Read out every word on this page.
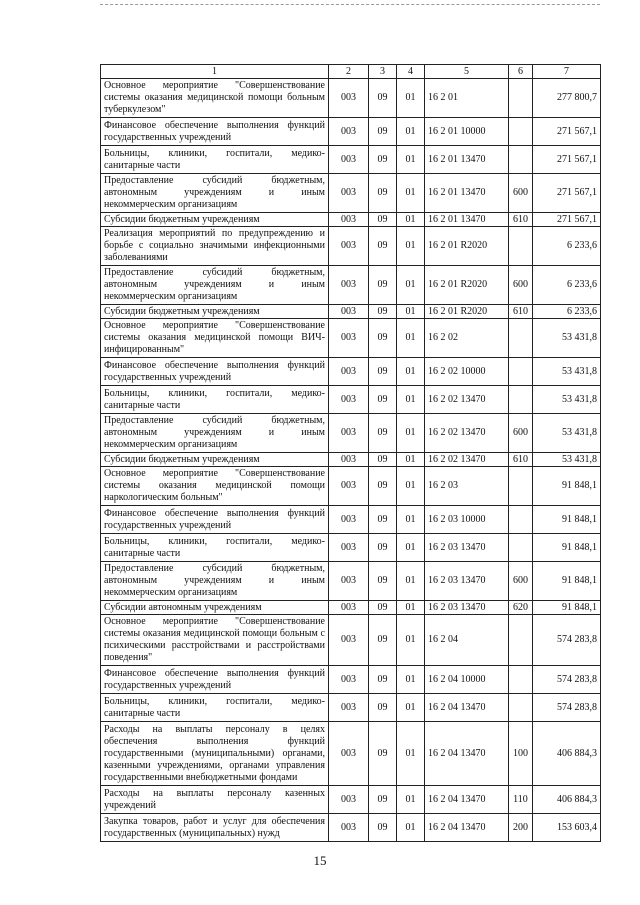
1	2	3	4	5	6	7
Основное мероприятие "Совершенствование системы оказания медицинской помощи больным туберкулезом"	003	09	01	16 2 01		277 800,7
Финансовое обеспечение выполнения функций государственных учреждений	003	09	01	16 2 01 10000		271 567,1
Больницы, клиники, госпитали, медико-санитарные части	003	09	01	16 2 01 13470		271 567,1
Предоставление субсидий бюджетным, автономным учреждениям и иным некоммерческим организациям	003	09	01	16 2 01 13470	600	271 567,1
Субсидии бюджетным учреждениям	003	09	01	16 2 01 13470	610	271 567,1
Реализация мероприятий по предупреждению и борьбе с социально значимыми инфекционными заболеваниями	003	09	01	16 2 01 R2020		6 233,6
Предоставление субсидий бюджетным, автономным учреждениям и иным некоммерческим организациям	003	09	01	16 2 01 R2020	600	6 233,6
Субсидии бюджетным учреждениям	003	09	01	16 2 01 R2020	610	6 233,6
Основное мероприятие "Совершенствование системы оказания медицинской помощи ВИЧ-инфицированным"	003	09	01	16 2 02		53 431,8
Финансовое обеспечение выполнения функций государственных учреждений	003	09	01	16 2 02 10000		53 431,8
Больницы, клиники, госпитали, медико-санитарные части	003	09	01	16 2 02 13470		53 431,8
Предоставление субсидий бюджетным, автономным учреждениям и иным некоммерческим организациям	003	09	01	16 2 02 13470	600	53 431,8
Субсидии бюджетным учреждениям	003	09	01	16 2 02 13470	610	53 431,8
Основное мероприятие "Совершенствование системы оказания медицинской помощи наркологическим больным"	003	09	01	16 2 03		91 848,1
Финансовое обеспечение выполнения функций государственных учреждений	003	09	01	16 2 03 10000		91 848,1
Больницы, клиники, госпитали, медико-санитарные части	003	09	01	16 2 03 13470		91 848,1
Предоставление субсидий бюджетным, автономным учреждениям и иным некоммерческим организациям	003	09	01	16 2 03 13470	600	91 848,1
Субсидии автономным учреждениям	003	09	01	16 2 03 13470	620	91 848,1
Основное мероприятие "Совершенствование системы оказания медицинской помощи больным с психическими расстройствами и расстройствами поведения"	003	09	01	16 2 04		574 283,8
Финансовое обеспечение выполнения функций государственных учреждений	003	09	01	16 2 04 10000		574 283,8
Больницы, клиники, госпитали, медико-санитарные части	003	09	01	16 2 04 13470		574 283,8
Расходы на выплаты персоналу в целях обеспечения выполнения функций государственными (муниципальными) органами, казенными учреждениями, органами управления государственными внебюджетными фондами	003	09	01	16 2 04 13470	100	406 884,3
Расходы на выплаты персоналу казенных учреждений	003	09	01	16 2 04 13470	110	406 884,3
Закупка товаров, работ и услуг для обеспечения государственных (муниципальных) нужд	003	09	01	16 2 04 13470	200	153 603,4
15
